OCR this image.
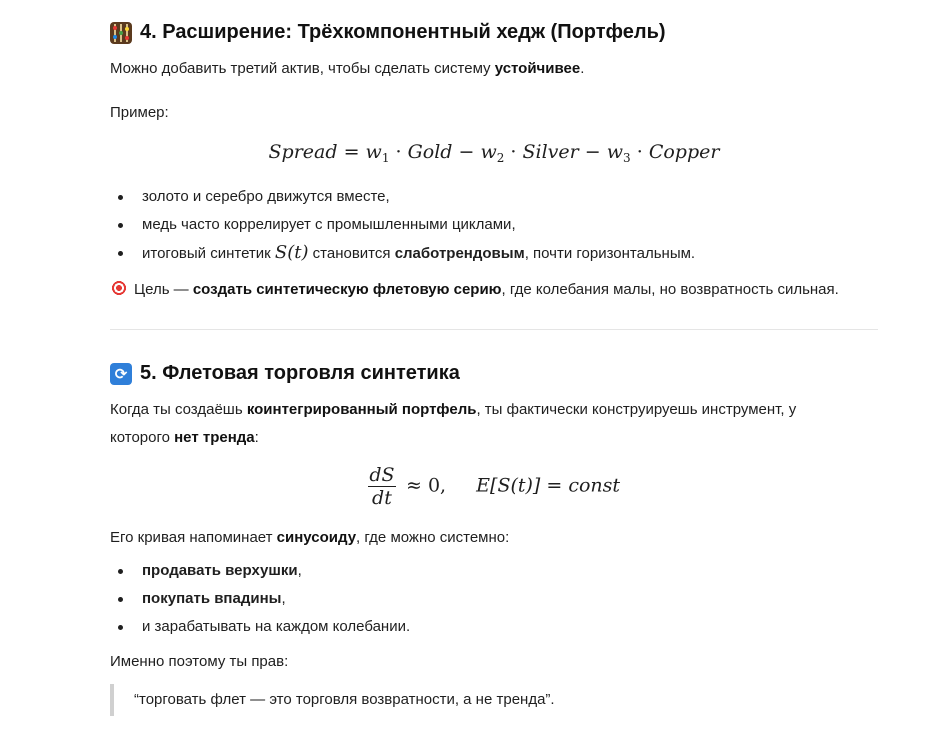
4. Расширение: Трёхкомпонентный хедж (Портфель)
Можно добавить третий актив, чтобы сделать систему устойчивее.
Пример:
Spread = $w_1$ · Gold − $w_2$ · Silver − $w_3$ · Copper
золото и серебро движутся вместе,
медь часто коррелирует с промышленными циклами,
итоговый синтетик S(t) становится слаботрендовым, почти горизонтальным.
Цель — создать синтетическую флетовую серию, где колебания малы, но возвратность сильная.
⟳ 5. Флетовая торговля синтетика
Когда ты создаёшь коинтегрированный портфель, ты фактически конструируешь инструмент, у
которого нет тренда:
$\frac{dS}{dt} \approx 0$, E[S(t)] = const
Его кривая напоминает синусоиду, где можно системно:
продавать верхушки,
покупать впадины,
и зарабатывать на каждом колебании.
Именно поэтому ты прав:
“торговать флет — это торговля возвратности, а не тренда”.
